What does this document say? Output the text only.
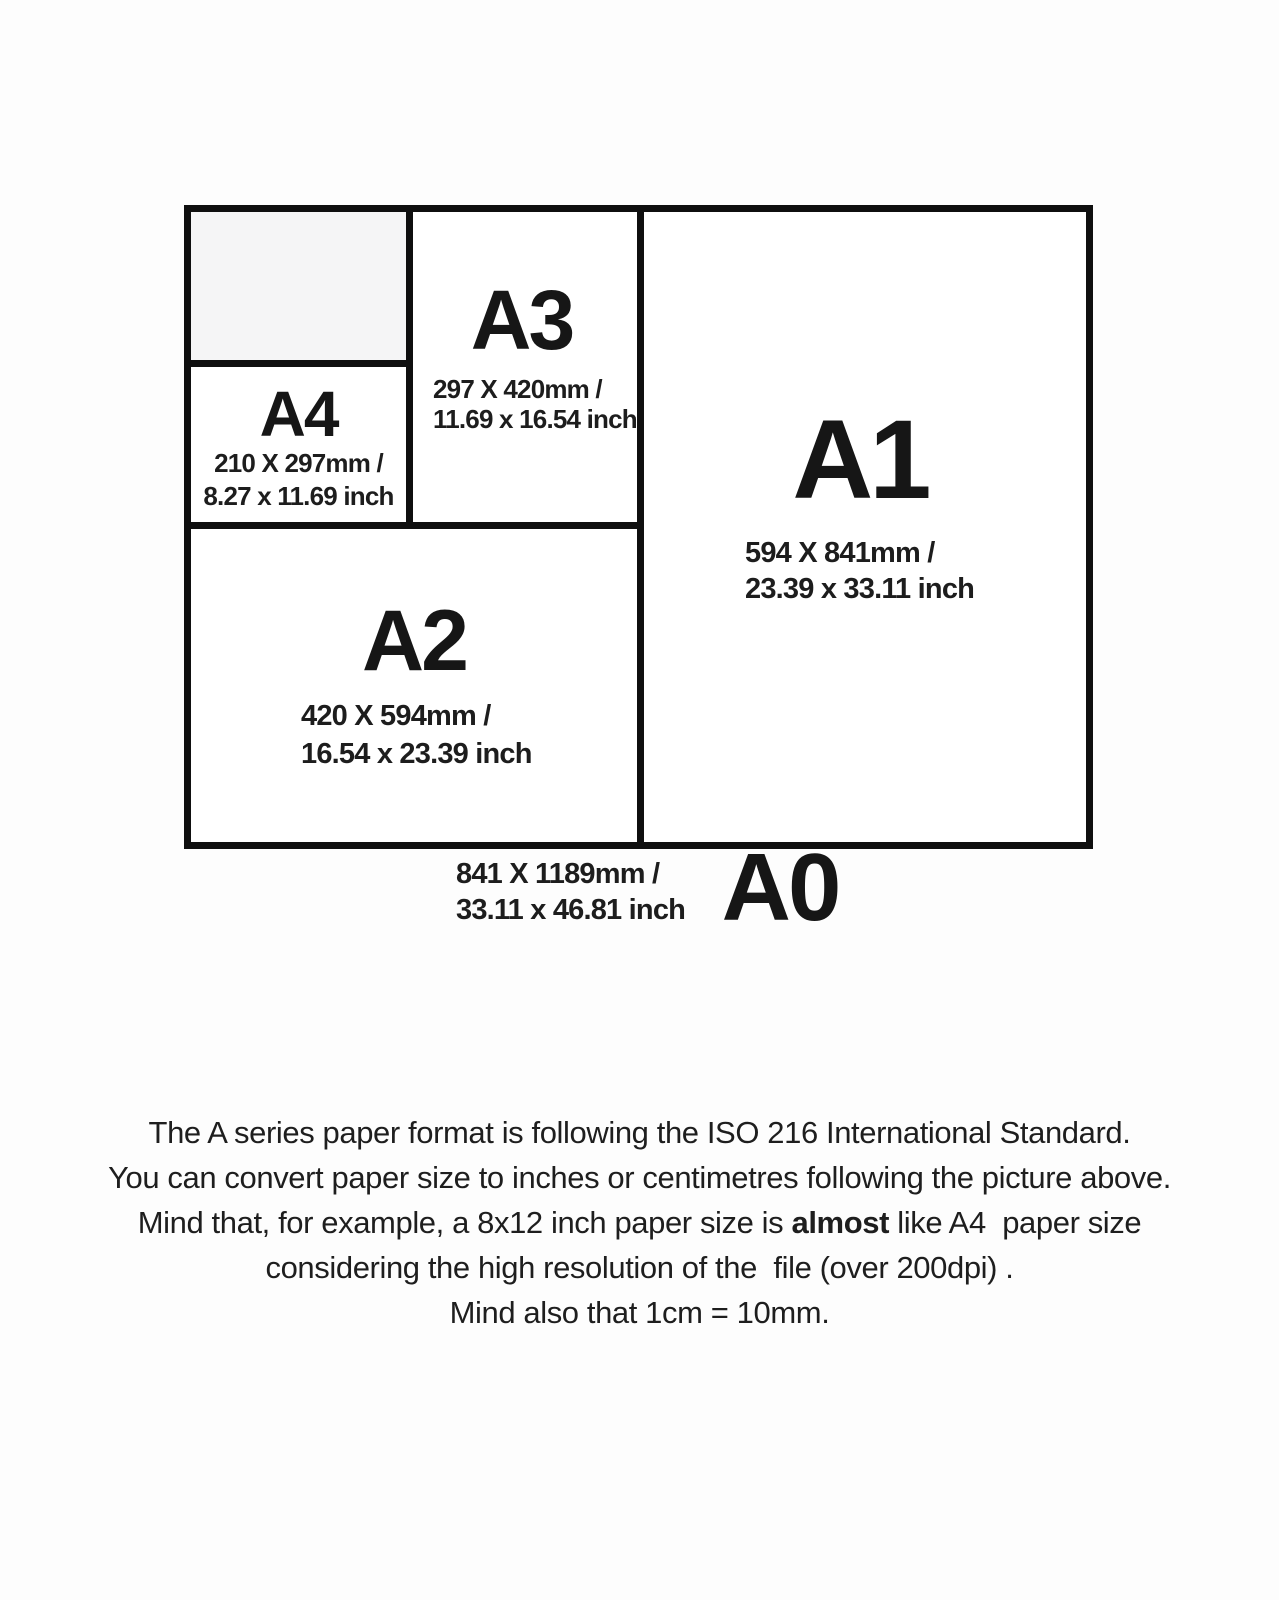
A3
297 X 420mm /
11.69 x 16.54 inch
A4
210 X 297mm /
8.27 x 11.69 inch
A2
420 X 594mm /
16.54 x 23.39 inch
A1
594 X 841mm /
23.39 x 33.11 inch
841 X 1189mm /
33.11 x 46.81 inch A0
The A series paper format is following the ISO 216 International Standard.
You can convert paper size to inches or centimetres following the picture above.
Mind that, for example, a 8x12 inch paper size is almost like A4  paper size
considering the high resolution of the  file (over 200dpi) .
Mind also that 1cm = 10mm.
